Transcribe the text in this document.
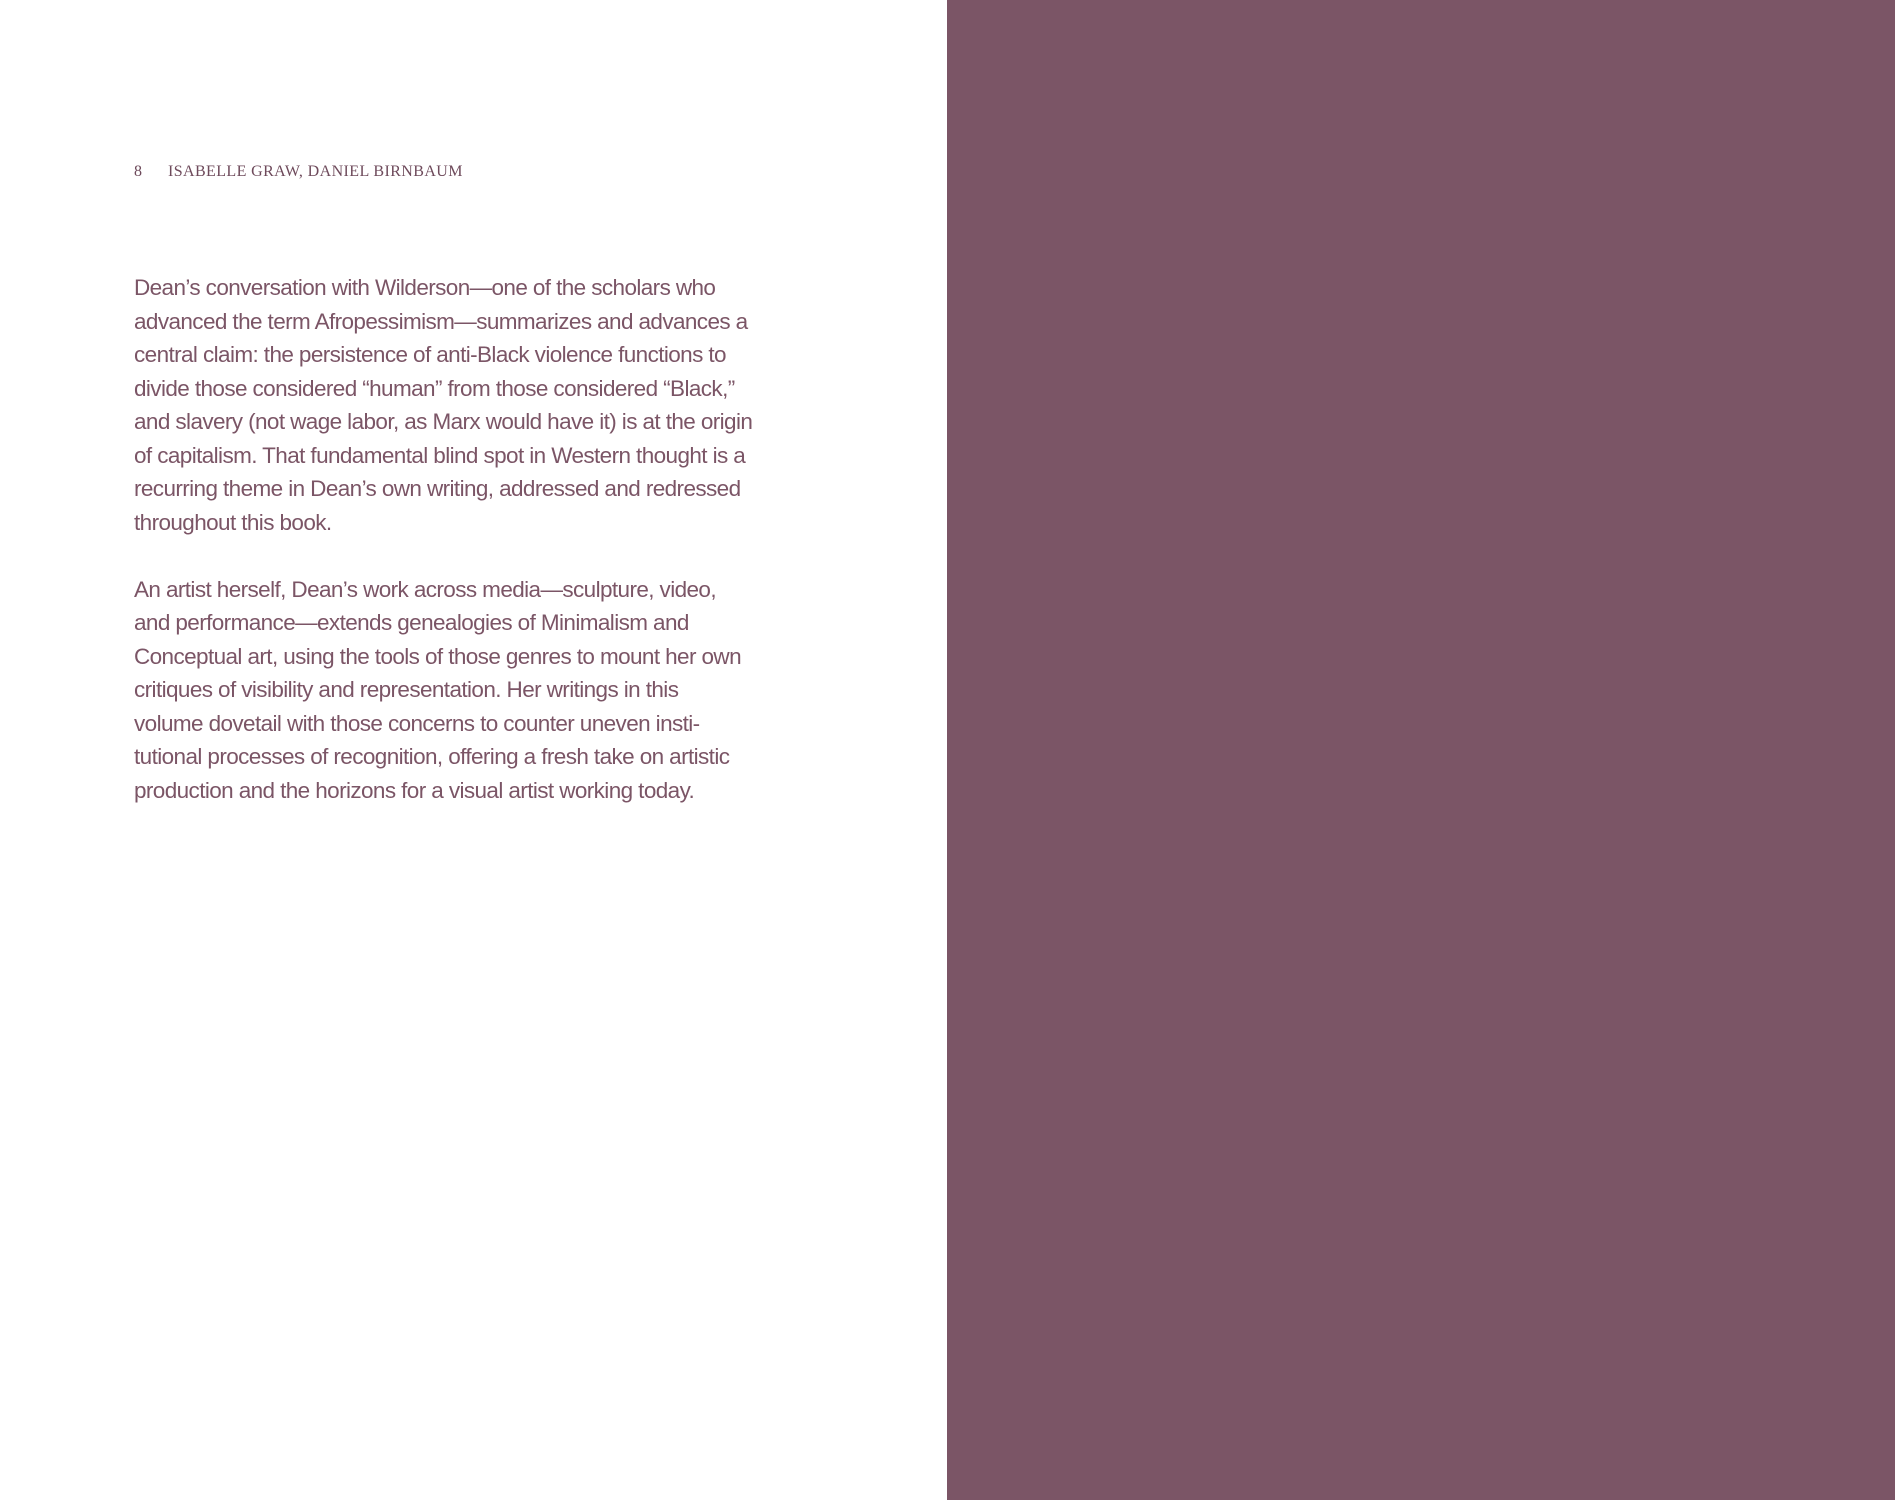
8 ISABELLE GRAW, DANIEL BIRNBAUM

Dean’s conversation with Wilderson—one of the scholars who
advanced the term Afropessimism—summarizes and advances a
central claim: the persistence of anti-Black violence functions to
divide those considered “human” from those considered “Black,”
and slavery (not wage labor, as Marx would have it) is at the origin
of capitalism. That fundamental blind spot in Western thought is a
recurring theme in Dean’s own writing, addressed and redressed
throughout this book.

An artist herself, Dean’s work across media—sculpture, video,
and performance—extends genealogies of Minimalism and
Conceptual art, using the tools of those genres to mount her own
critiques of visibility and representation. Her writings in this
volume dovetail with those concerns to counter uneven insti-
tutional processes of recognition, offering a fresh take on artistic
production and the horizons for a visual artist working today.
